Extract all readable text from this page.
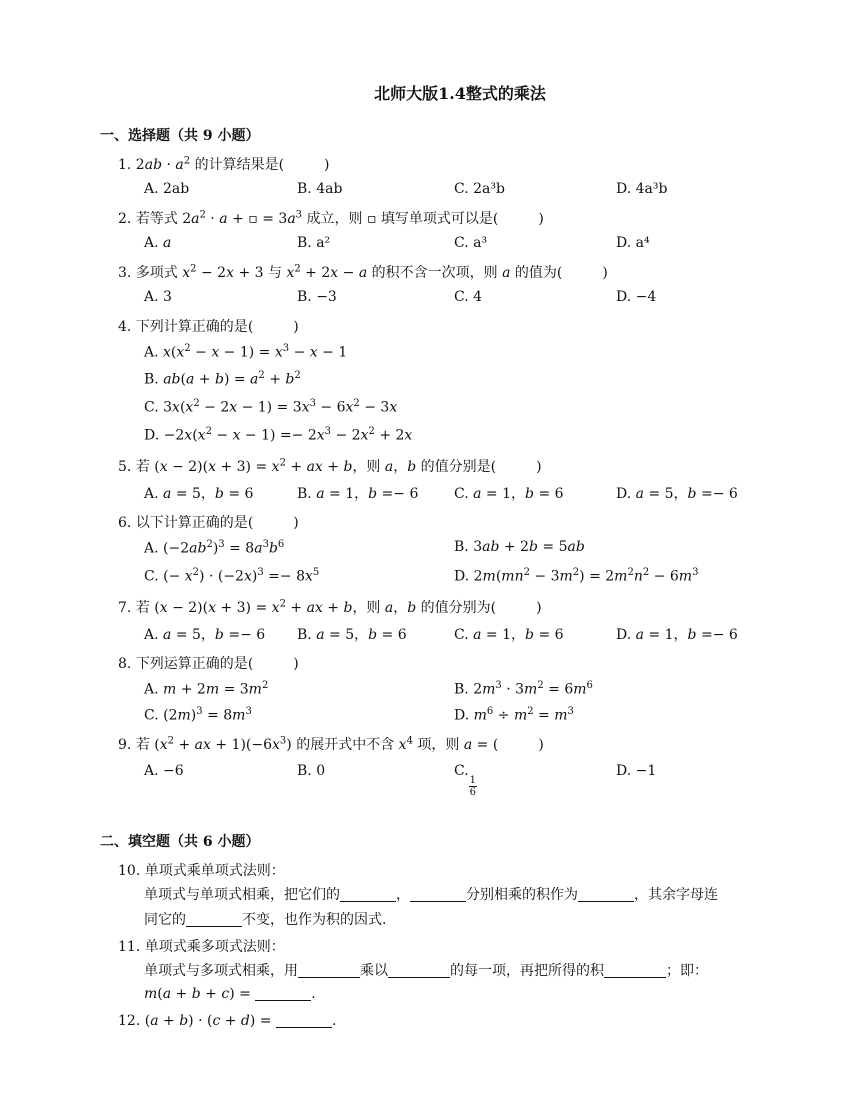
北师大版1.4整式的乘法
一、选择题（共 9 小题）
1. $2ab \cdot a^2$ 的计算结果是(	)
A. 2ab	B. 4ab	C. 2a³b	D. 4a³b
2. 若等式 $2a^2 \cdot a$ + ▫ = $3a^3$ 成立，则 ▫ 填写单项式可以是(	)
A. a	B. a²	C. a³	D. a⁴
3. 多项式 $x^2 - 2x + 3$ 与 $x^2 + 2x - a$ 的积不含一次项，则 a 的值为(	)
A. 3	B. −3	C. 4	D. −4
4. 下列计算正确的是(	)
A. $x(x^2 - x - 1) = x^3 - x - 1$
B. $ab(a + b) = a^2 + b^2$
C. $3x(x^2 - 2x - 1) = 3x^3 - 6x^2 - 3x$
D. $-2x(x^2 - x - 1) =- 2x^3 - 2x^2 + 2x$
5. 若 $(x - 2)(x + 3) = x^2$ + ax + b，则 a，b 的值分别是(	)
A. a = 5，b = 6	B. a = 1，b =− 6	C. a = 1，b = 6	D. a = 5，b =− 6
6. 以下计算正确的是(	)
A. $(-2ab^2)^3 = 8a^3b^6$	B. 3ab + 2b = 5ab
C. (− $x^2) \cdot (-2x)^3 =- 8x^5$	D. $2m(mn^2 - 3m^2) = 2m^2n^2 - 6m^3$
7. 若 $(x - 2)(x + 3) = x^2$ + ax + b，则 a，b 的值分别为(	)
A. a = 5，b =− 6 B. a = 5，b = 6	C. a = 1，b = 6	D. a = 1，b =− 6
8. 下列运算正确的是(	)
A. $m + 2m = 3m^2$	B. $2m^3 \cdot 3m^2 = 6m^6$
C. $(2m)^3 = 8m^3$	D. $m^6 \div m^2 = m^3$
9. 若 ($x^2$ + ax + $1)(-6x^3)$ 的展开式中不含 $x^4$ 项，则 a = (	)
A. −6	B. 0	C.
$\frac{1}{6}$
D. −1
二、填空题（共 6 小题）
10. 单项式乘单项式法则：
单项式与单项式相乘，把它们的	，	分别相乘的积作为	，其余字母连
同它的	不变，也作为积的因式.
11. 单项式乘多项式法则：
单项式与多项式相乘，用	乘以	的每一项，再把所得的积	；即：
m(a + b + c) =	.
12. (a + b) · (c + d) =	.
